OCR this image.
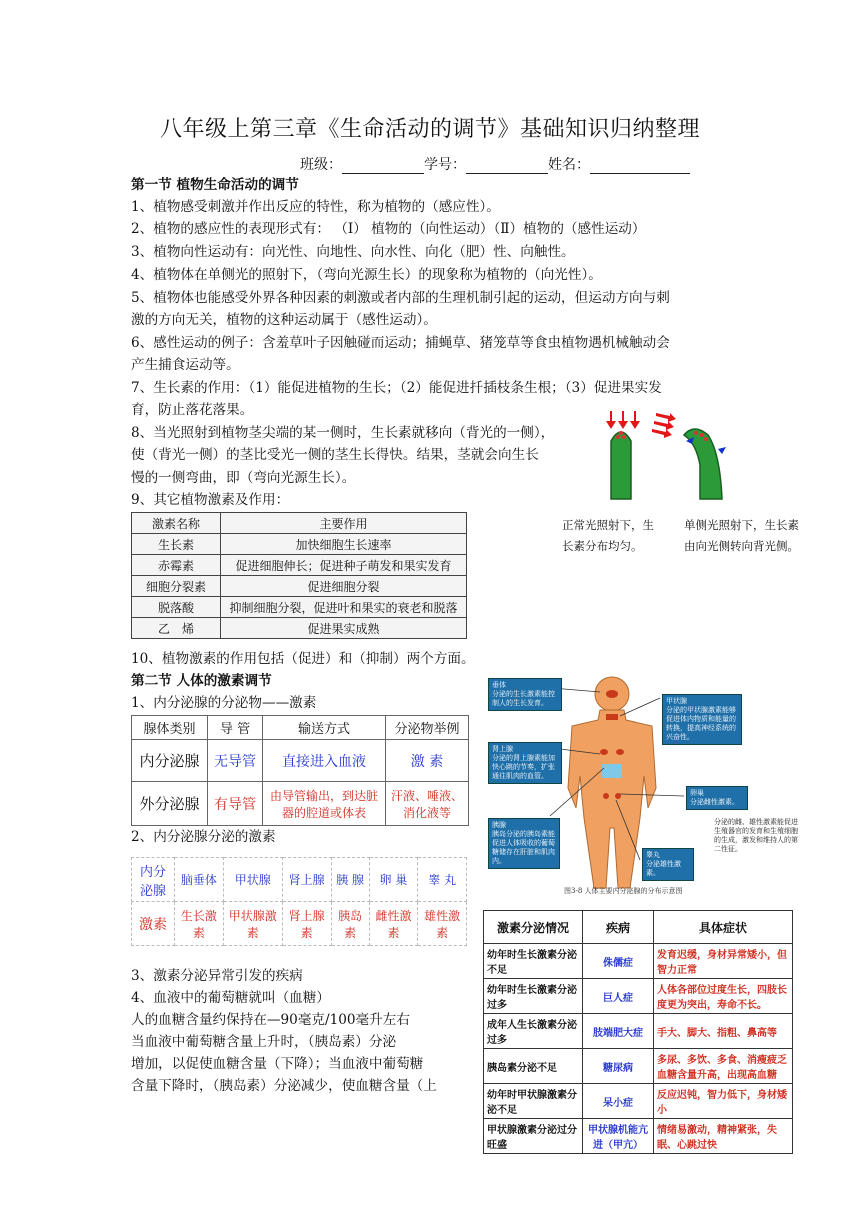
八年级上第三章《生命活动的调节》基础知识归纳整理
班级：	学号：	姓名：
第一节 植物生命活动的调节
1、植物感受刺激并作出反应的特性，称为植物的（感应性）。
2、植物的感应性的表现形式有： （Ⅰ） 植物的（向性运动）（Ⅱ）植物的（感性运动）
3、植物向性运动有：向光性、向地性、向水性、向化（肥）性、向触性。
4、植物体在单侧光的照射下，（弯向光源生长）的现象称为植物的（向光性）。
5、植物体也能感受外界各种因素的刺激或者内部的生理机制引起的运动，但运动方向与刺
激的方向无关，植物的这种运动属于（感性运动）。
6、感性运动的例子：含羞草叶子因触碰而运动；捕蝇草、猪笼草等食虫植物遇机械触动会
产生捕食运动等。
7、生长素的作用：（1）能促进植物的生长；（2）能促进扦插枝条生根；（3）促进果实发
育，防止落花落果。
8、当光照射到植物茎尖端的某一侧时，生长素就移向（背光的一侧），
使（背光一侧）的茎比受光一侧的茎生长得快。结果，茎就会向生长
慢的一侧弯曲，即（弯向光源生长）。
9、其它植物激素及作用：
正常光照射下，生
长素分布均匀。
单侧光照射下，生长素
由向光侧转向背光侧。
激素名称	主要作用
生长素	加快细胞生长速率
赤霉素	促进细胞伸长；促进种子萌发和果实发育
细胞分裂素	促进细胞分裂
脱落酸	抑制细胞分裂，促进叶和果实的衰老和脱落
乙　烯	促进果实成熟
10、植物激素的作用包括（促进）和（抑制）两个方面。
第二节 人体的激素调节
1、内分泌腺的分泌物——激素
腺体类别	导 管	输送方式	分泌物举例
内分泌腺	无导管	直接进入血液	激 素
外分泌腺	有导管	由导管输出，到达脏器的腔道或体表	汗液、唾液、消化液等
2、内分泌腺分泌的激素
内分泌腺	脑垂体	甲状腺	肾上腺	胰 腺	卵 巢	睾 丸
激素	生长激素	甲状腺激素	肾上腺素	胰岛素	雌性激素	雄性激素
3、激素分泌异常引发的疾病
4、血液中的葡萄糖就叫（血糖）
人的血糖含量约保持在—90毫克/100毫升左右
当血液中葡萄糖含量上升时，（胰岛素）分泌
增加，以促使血糖含量（下降）；当血液中葡萄糖
含量下降时，（胰岛素）分泌减少，使血糖含量（上
垂体
分泌的生长激素能控制人的生长发育。	甲状腺
分泌的甲状腺激素能够促进体内物质和能量的转换，提高神经系统的兴奋性。
肾上腺
分泌的肾上腺素能加快心跳的节奏，扩张通往肌肉的血管。
卵巢
分泌雌性激素。
胰腺
胰岛分泌的胰岛素能促进人体吸收的葡萄糖储存在肝脏和肌肉内。
睾丸
分泌雄性激素。
分泌的雌、雄性激素能促进生殖器官的发育和生殖细胞的生成，激发和维持人的第二性征。
图3-8 人体主要内分泌腺的分布示意图
激素分泌情况	疾病	具体症状
幼年时生长激素分泌不足	侏儒症	发育迟缓，身材异常矮小，但智力正常
幼年时生长激素分泌过多	巨人症	人体各部位过度生长，四肢长度更为突出，寿命不长。
成年人生长激素分泌过多	肢端肥大症	手大、脚大、指粗、鼻高等
胰岛素分泌不足	糖尿病	多尿、多饮、多食、消瘦疲乏血糖含量升高，出现高血糖
幼年时甲状腺激素分泌不足	呆小症	反应迟钝，智力低下，身材矮小
甲状腺激素分泌过分旺盛	甲状腺机能亢进（甲亢）	情绪易激动，精神紧张，失眠、心跳过快
